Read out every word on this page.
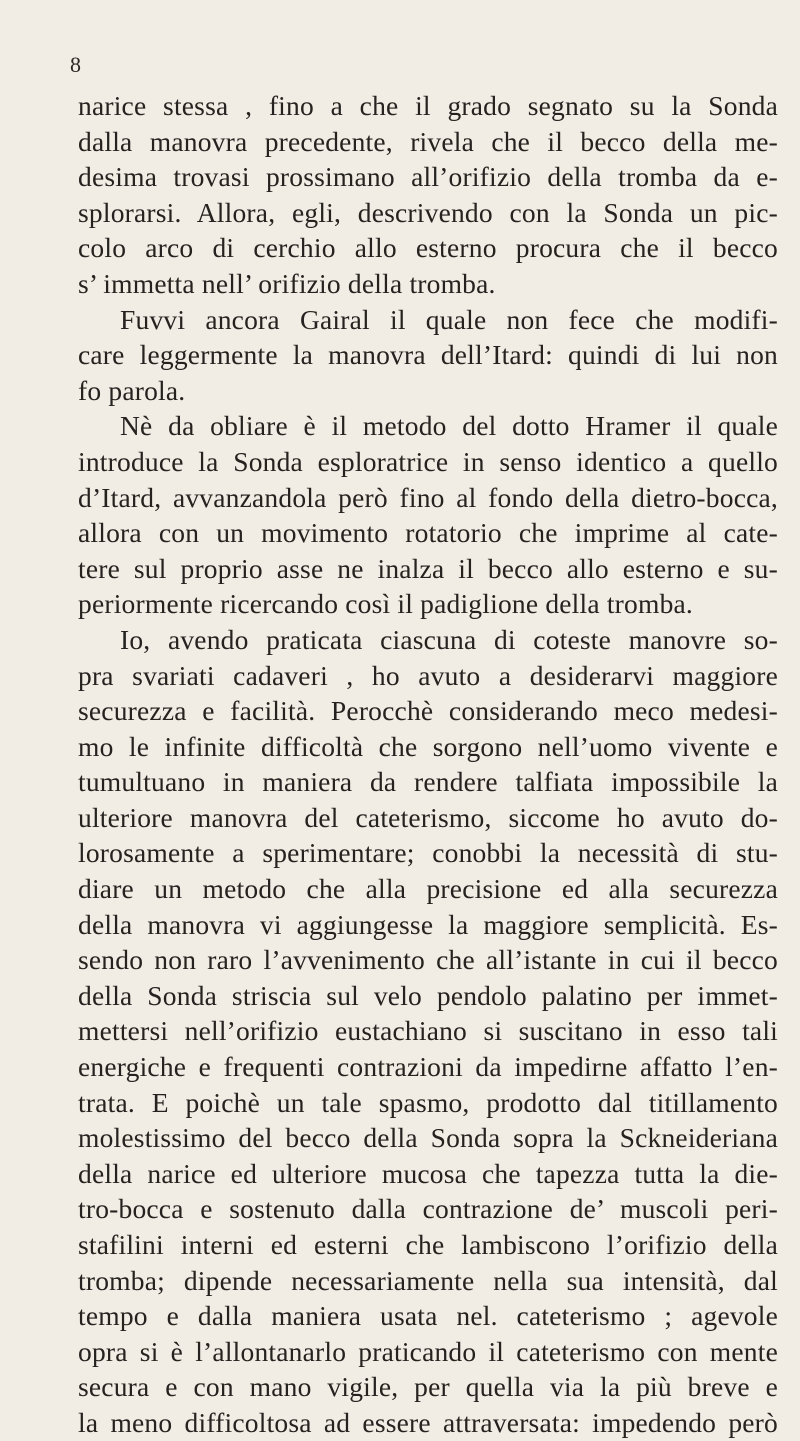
8
narice stessa , fino a che il grado segnato su la Sonda
dalla manovra precedente, rivela che il becco della me-
desima trovasi prossimano all’orifizio della tromba da e-
splorarsi. Allora, egli, descrivendo con la Sonda un pic-
colo arco di cerchio allo esterno procura che il becco
s’ immetta nell’ orifizio della tromba.
Fuvvi ancora Gairal il quale non fece che modifi-
care leggermente la manovra dell’Itard: quindi di lui non
fo parola.
Nè da obliare è il metodo del dotto Hramer il quale
introduce la Sonda esploratrice in senso identico a quello
d’Itard, avvanzandola però fino al fondo della dietro-bocca,
allora con un movimento rotatorio che imprime al cate-
tere sul proprio asse ne inalza il becco allo esterno e su-
periormente ricercando così il padiglione della tromba.
Io, avendo praticata ciascuna di coteste manovre so-
pra svariati cadaveri , ho avuto a desiderarvi maggiore
securezza e facilità. Perocchè considerando meco medesi-
mo le infinite difficoltà che sorgono nell’uomo vivente e
tumultuano in maniera da rendere talfiata impossibile la
ulteriore manovra del cateterismo, siccome ho avuto do-
lorosamente a sperimentare; conobbi la necessità di stu-
diare un metodo che alla precisione ed alla securezza
della manovra vi aggiungesse la maggiore semplicità. Es-
sendo non raro l’avvenimento che all’istante in cui il becco
della Sonda striscia sul velo pendolo palatino per immet-
mettersi nell’orifizio eustachiano si suscitano in esso tali
energiche e frequenti contrazioni da impedirne affatto l’en-
trata. E poichè un tale spasmo, prodotto dal titillamento
molestissimo del becco della Sonda sopra la Sckneideriana
della narice ed ulteriore mucosa che tapezza tutta la die-
tro-bocca e sostenuto dalla contrazione de’ muscoli peri-
stafilini interni ed esterni che lambiscono l’orifizio della
tromba; dipende necessariamente nella sua intensità, dal
tempo e dalla maniera usata nel. cateterismo ; agevole
opra si è l’allontanarlo praticando il cateterismo con mente
secura e con mano vigile, per quella via la più breve e
la meno difficoltosa ad essere attraversata: impedendo però
